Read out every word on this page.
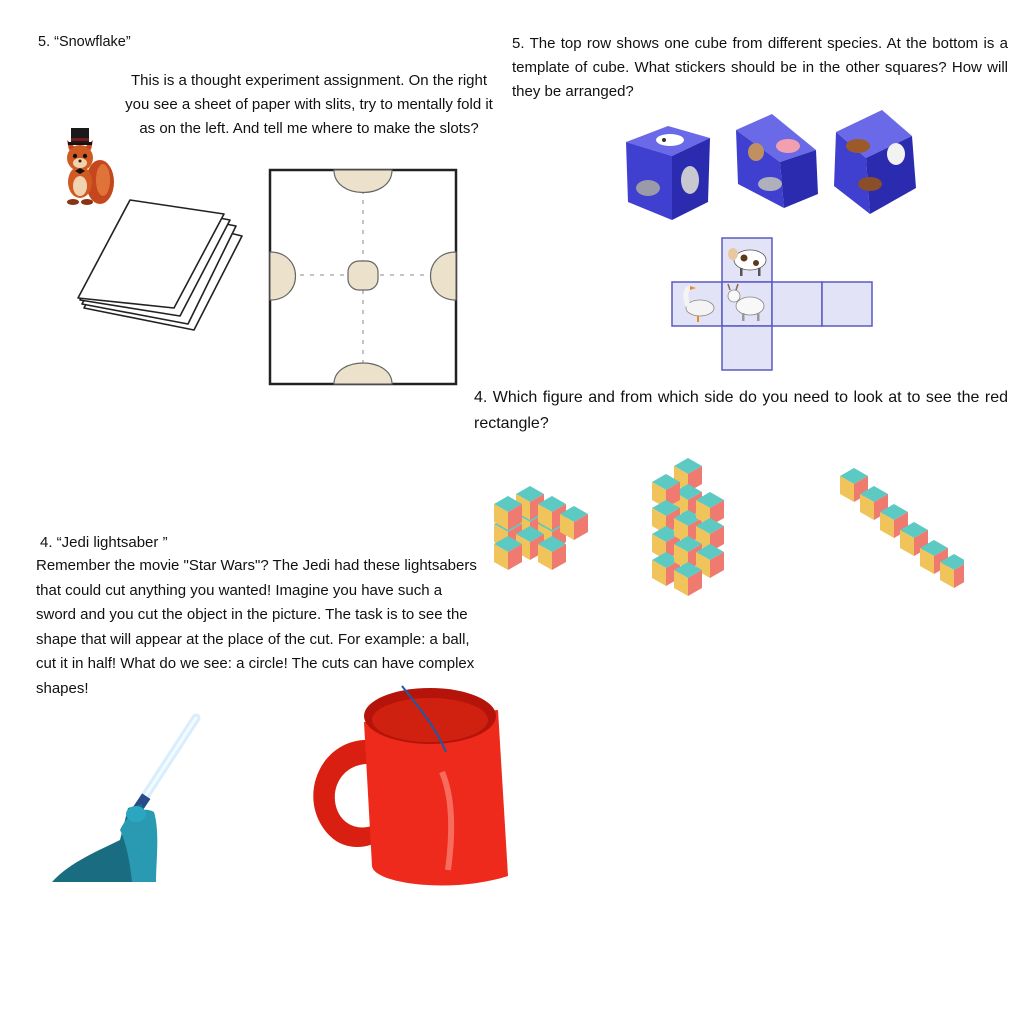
5. “Snowflake”
This is a thought experiment assignment. On the right you see a sheet of paper with slits, try to mentally fold it as on the left. And tell me where to make the slots?
5. The top row shows one cube from different species. At the bottom is a template of cube. What stickers should be in the other squares? How will they be arranged?
4. Which figure and from which side do you need to look at to see the red rectangle?
4. “Jedi lightsaber ”
Remember the movie "Star Wars"? The Jedi had these lightsabers that could cut anything you wanted! Imagine you have such a sword and you cut the object in the picture. The task is to see the shape that will appear at the place of the cut. For example: a ball, cut it in half! What do we see: a circle! The cuts can have complex shapes!
